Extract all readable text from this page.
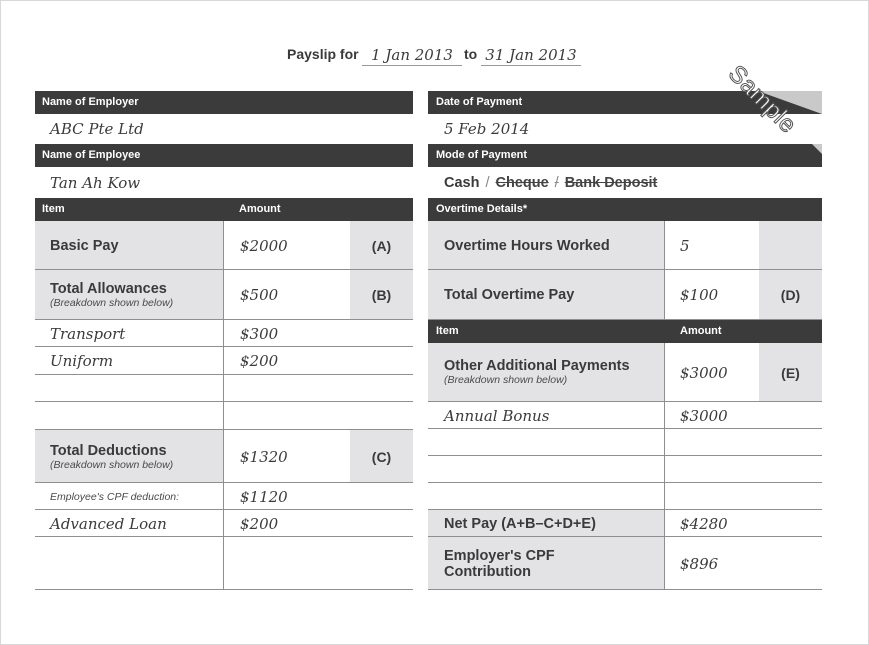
Payslip for 1 Jan 2013 to 31 Jan 2013
Name of Employer
ABC Pte Ltd
Name of Employee
Tan Ah Kow
Item	Amount
Basic Pay	$2000	(A)
Total Allowances
(Breakdown shown below)	$500	(B)
Transport	$300
Uniform	$200
Total Deductions
(Breakdown shown below)	$1320	(C)
Employee's CPF deduction:	$1120
Advanced Loan	$200
Date of Payment
5 Feb 2014
Mode of Payment
Cash / Cheque / Bank Deposit
Overtime Details*
Item	Amount
Overtime Hours Worked	5
Total Overtime Pay	$100	(D)
Other Additional Payments
(Breakdown shown below)	$3000	(E)
Annual Bonus	$3000
Net Pay (A+B–C+D+E)	$4280
Employer's CPF
Contribution	$896
Sample
